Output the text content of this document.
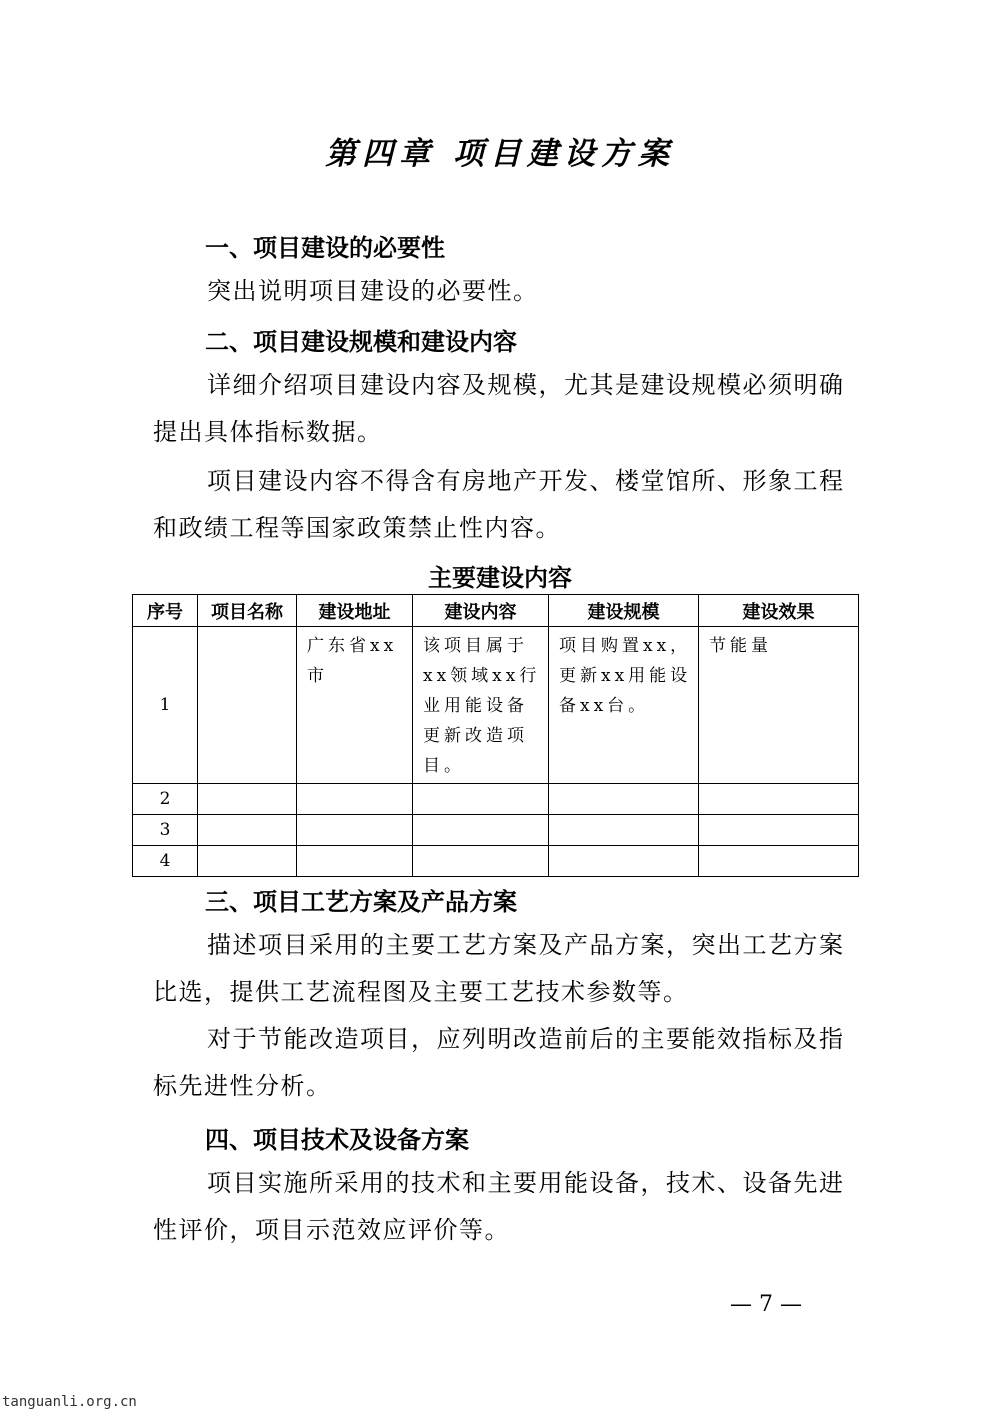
第四章 项目建设方案
一、项目建设的必要性
突出说明项目建设的必要性。
二、项目建设规模和建设内容
详细介绍项目建设内容及规模，尤其是建设规模必须明确提出具体指标数据。
项目建设内容不得含有房地产开发、楼堂馆所、形象工程和政绩工程等国家政策禁止性内容。
主要建设内容
序号	项目名称	建设地址	建设内容	建设规模	建设效果
1		广东省xx市	该项目属于xx领域xx行业用能设备更新改造项目。	项目购置xx，更新xx用能设备xx台。	节能量
2					
3					
4					
三、项目工艺方案及产品方案
描述项目采用的主要工艺方案及产品方案，突出工艺方案比选，提供工艺流程图及主要工艺技术参数等。
对于节能改造项目，应列明改造前后的主要能效指标及指标先进性分析。
四、项目技术及设备方案
项目实施所采用的技术和主要用能设备，技术、设备先进性评价，项目示范效应评价等。
— 7 —
tanguanli.org.cn
